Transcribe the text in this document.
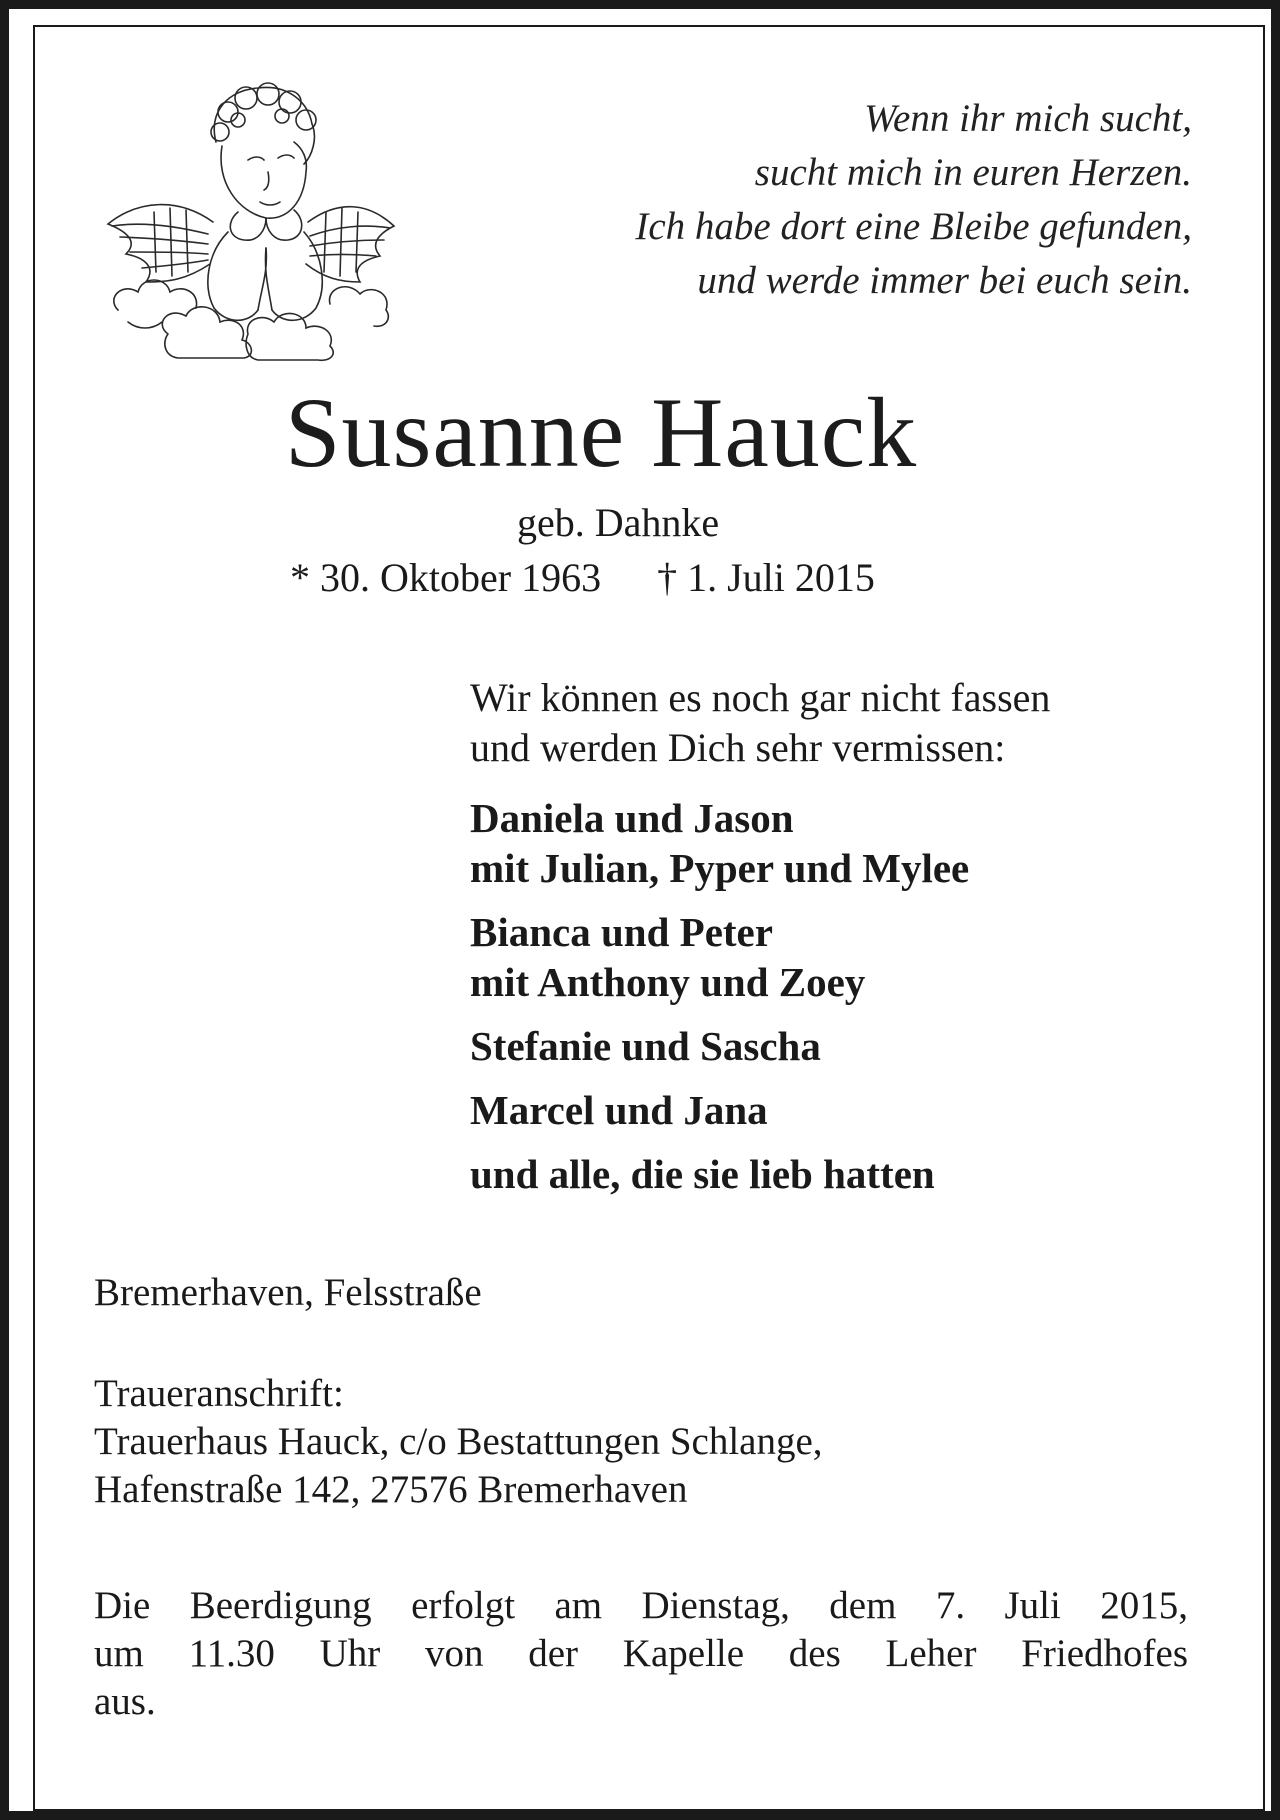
Wenn ihr mich sucht,
sucht mich in euren Herzen.
Ich habe dort eine Bleibe gefunden,
und werde immer bei euch sein.
Susanne Hauck
geb. Dahnke
* 30. Oktober 1963 † 1. Juli 2015
Wir können es noch gar nicht fassen
und werden Dich sehr vermissen:
Daniela und Jason
mit Julian, Pyper und Mylee
Bianca und Peter
mit Anthony und Zoey
Stefanie und Sascha
Marcel und Jana
und alle, die sie lieb hatten
Bremerhaven, Felsstraße
Traueranschrift:
Trauerhaus Hauck, c/o Bestattungen Schlange,
Hafenstraße 142, 27576 Bremerhaven
Die Beerdigung erfolgt am Dienstag, dem 7. Juli 2015,
um 11.30 Uhr von der Kapelle des Leher Friedhofes
aus.
